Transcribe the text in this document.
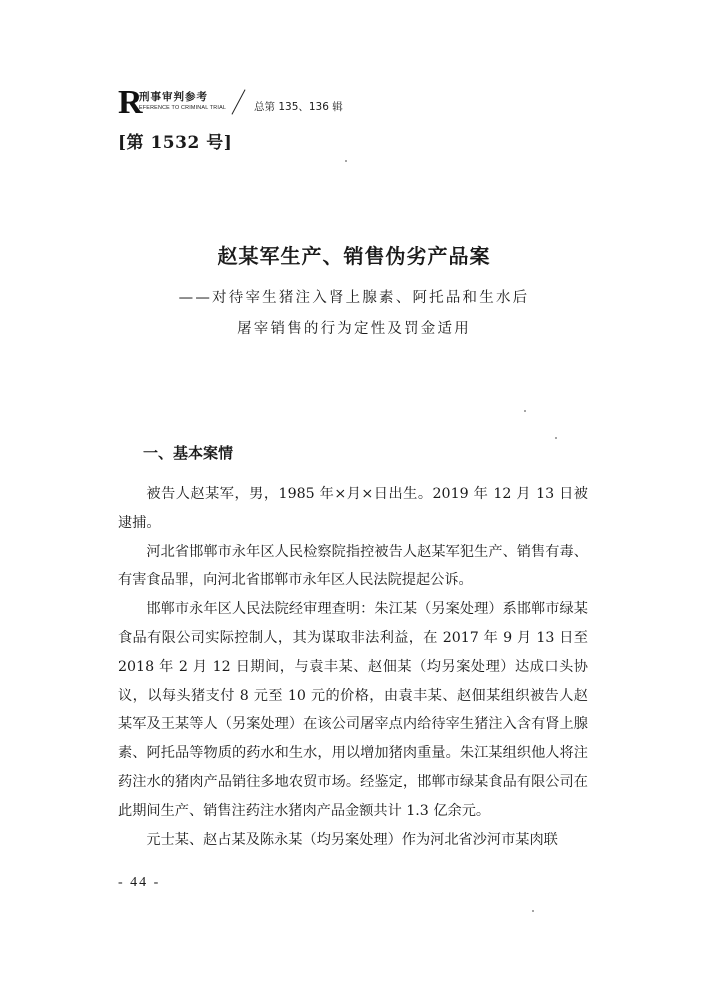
R
刑事审判参考
EFERENCE TO CRIMINAL TRIAL	总第 135、136 辑
[第 1532 号]
赵某军生产、销售伪劣产品案
——对待宰生猪注入肾上腺素、阿托品和生水后
屠宰销售的行为定性及罚金适用
一、基本案情

被告人赵某军，男，1985 年×月×日出生。2019 年 12 月 13 日被逮捕。

河北省邯郸市永年区人民检察院指控被告人赵某军犯生产、销售有毒、有害食品罪，向河北省邯郸市永年区人民法院提起公诉。

邯郸市永年区人民法院经审理查明：朱江某（另案处理）系邯郸市绿某食品有限公司实际控制人，其为谋取非法利益，在 2017 年 9 月 13 日至 2018 年 2 月 12 日期间，与袁丰某、赵佃某（均另案处理）达成口头协议，以每头猪支付 8 元至 10 元的价格，由袁丰某、赵佃某组织被告人赵某军及王某等人（另案处理）在该公司屠宰点内给待宰生猪注入含有肾上腺素、阿托品等物质的药水和生水，用以增加猪肉重量。朱江某组织他人将注药注水的猪肉产品销往多地农贸市场。经鉴定，邯郸市绿某食品有限公司在此期间生产、销售注药注水猪肉产品金额共计 1.3 亿余元。

元士某、赵占某及陈永某（均另案处理）作为河北省沙河市某肉联

- 44 -
